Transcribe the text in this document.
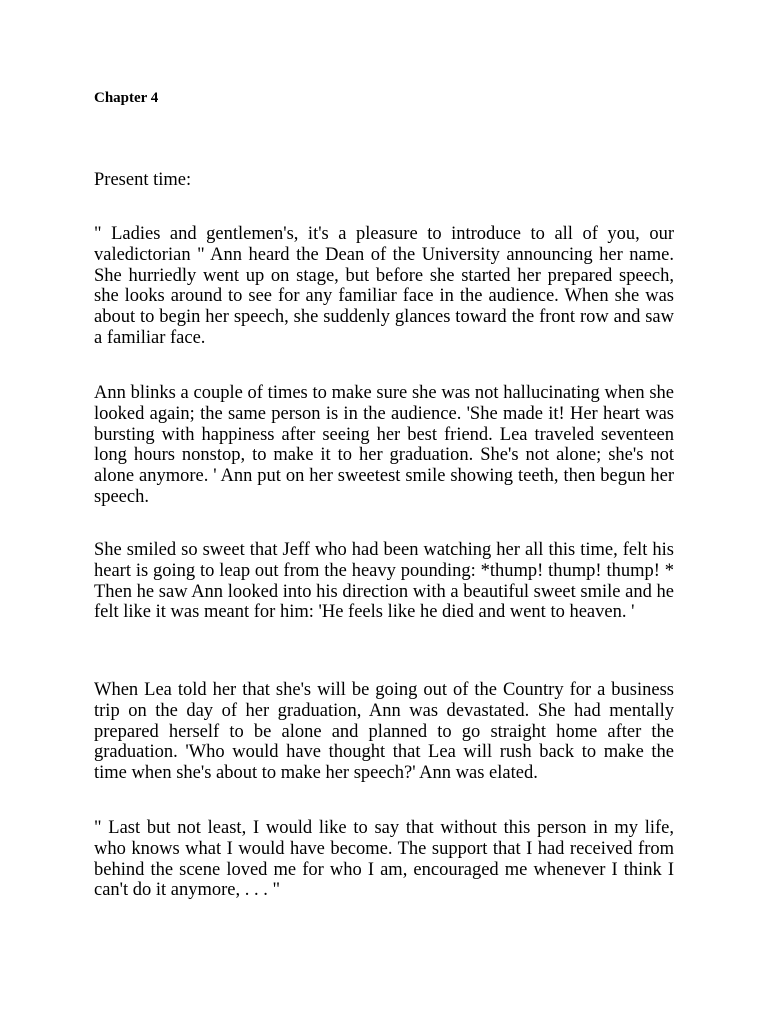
Chapter 4
Present time:

" Ladies and gentlemen's, it's a pleasure to introduce to all of you, our valedictorian " Ann heard the Dean of the University announcing her name. She hurriedly went up on stage, but before she started her prepared speech, she looks around to see for any familiar face in the audience. When she was about to begin her speech, she suddenly glances toward the front row and saw a familiar face.

Ann blinks a couple of times to make sure she was not hallucinating when she looked again; the same person is in the audience. 'She made it! Her heart was bursting with happiness after seeing her best friend. Lea traveled seventeen long hours nonstop, to make it to her graduation. She's not alone; she's not alone anymore. ' Ann put on her sweetest smile showing teeth, then begun her speech.

She smiled so sweet that Jeff who had been watching her all this time, felt his heart is going to leap out from the heavy pounding: *thump! thump! thump! * Then he saw Ann looked into his direction with a beautiful sweet smile and he felt like it was meant for him: 'He feels like he died and went to heaven. '

When Lea told her that she's will be going out of the Country for a business trip on the day of her graduation, Ann was devastated. She had mentally prepared herself to be alone and planned to go straight home after the graduation. 'Who would have thought that Lea will rush back to make the time when she's about to make her speech?' Ann was elated.

" Last but not least, I would like to say that without this person in my life, who knows what I would have become. The support that I had received from behind the scene loved me for who I am, encouraged me whenever I think I can't do it anymore, . . . "
